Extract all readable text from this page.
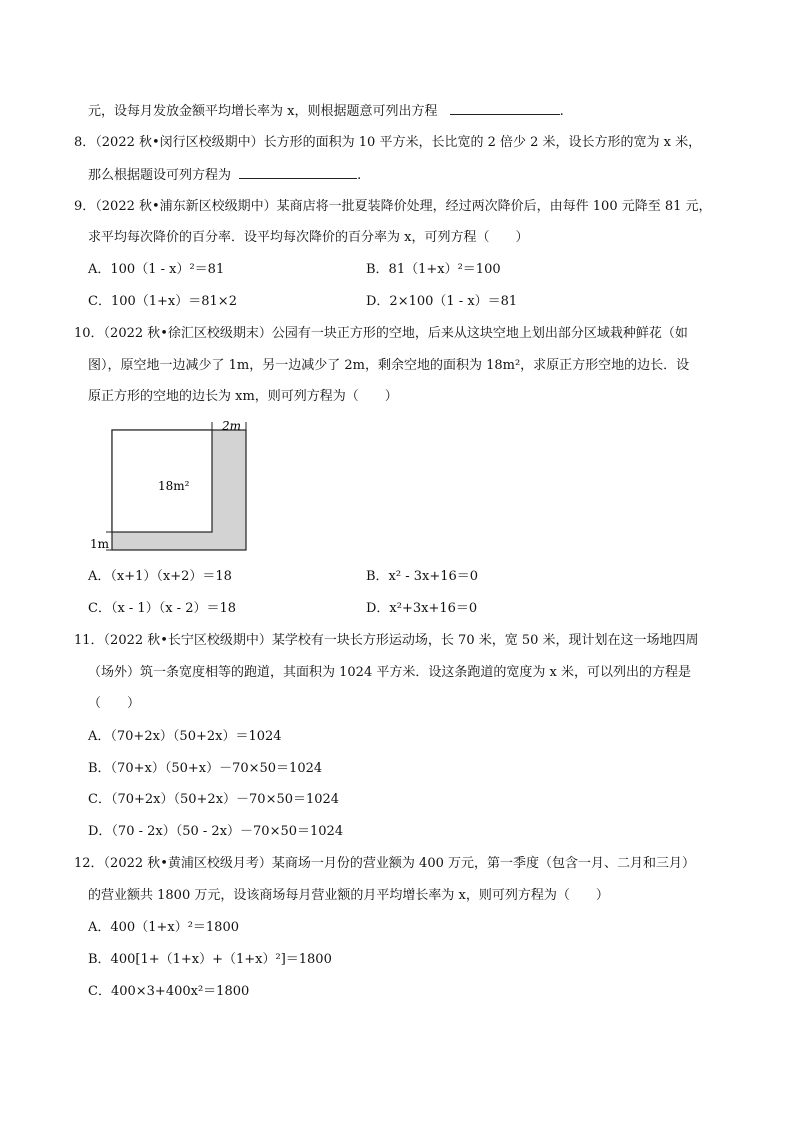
元，设每月发放金额平均增长率为 x，则根据题意可列出方程	.
8．（2022 秋•闵行区校级期中）长方形的面积为 10 平方米，长比宽的 2 倍少 2 米，设长方形的宽为 x 米，
那么根据题设可列方程为	.
9．（2022 秋•浦东新区校级期中）某商店将一批夏装降价处理，经过两次降价后，由每件 100 元降至 81 元，
求平均每次降价的百分率．设平均每次降价的百分率为 x，可列方程（　　）
A．100（1 - x）²＝81	B．81（1+x）²＝100
C．100（1+x）＝81×2	D．2×100（1 - x）＝81
10．（2022 秋•徐汇区校级期末）公园有一块正方形的空地，后来从这块空地上划出部分区域栽种鲜花（如
图），原空地一边减少了 1m，另一边减少了 2m，剩余空地的面积为 18m²，求原正方形空地的边长．设
原正方形的空地的边长为 xm，则可列方程为（　　）
2m
18m²
1m
A．（x+1）（x+2）＝18	B．x² - 3x+16＝0
C．（x - 1）（x - 2）＝18	D．x²+3x+16＝0
11．（2022 秋•长宁区校级期中）某学校有一块长方形运动场，长 70 米，宽 50 米，现计划在这一场地四周
（场外）筑一条宽度相等的跑道，其面积为 1024 平方米．设这条跑道的宽度为 x 米，可以列出的方程是
（　　）
A．（70+2x）（50+2x）＝1024
B．（70+x）（50+x）－70×50＝1024
C．（70+2x）（50+2x）－70×50＝1024
D．（70 - 2x）（50 - 2x）－70×50＝1024
12．（2022 秋•黄浦区校级月考）某商场一月份的营业额为 400 万元，第一季度（包含一月、二月和三月）
的营业额共 1800 万元，设该商场每月营业额的月平均增长率为 x，则可列方程为（　　）
A．400（1+x）²＝1800
B．400[1+（1+x）+（1+x）²]＝1800
C．400×3+400x²＝1800
